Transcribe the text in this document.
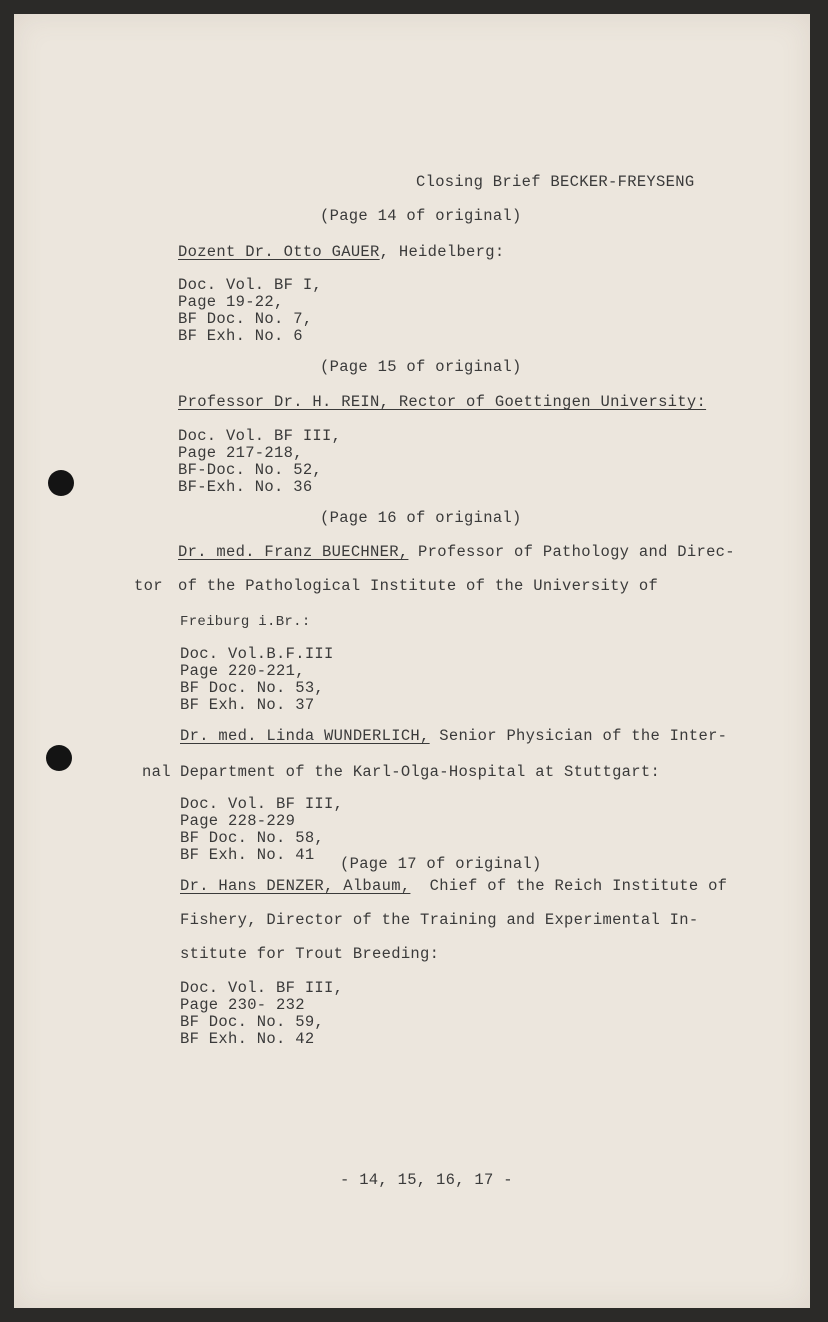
Closing Brief BECKER-FREYSENG
(Page 14 of original)
Dozent Dr. Otto GAUER, Heidelberg:
Doc. Vol. BF I,
Page 19-22,
BF Doc. No. 7,
BF Exh. No. 6
(Page 15 of original)
Professor Dr. H. REIN, Rector of Goettingen University:
Doc. Vol. BF III,
Page 217-218,
BF-Doc. No. 52,
BF-Exh. No. 36
(Page 16 of original)
Dr. med. Franz BUECHNER, Professor of Pathology and Direc-
tor of the Pathological Institute of the University of
Freiburg i.Br.:
Doc. Vol.B.F.III
Page 220-221,
BF Doc. No. 53,
BF Exh. No. 37
Dr. med. Linda WUNDERLICH, Senior Physician of the Inter-
nal Department of the Karl-Olga-Hospital at Stuttgart:
Doc. Vol. BF III,
Page 228-229
BF Doc. No. 58,
BF Exh. No. 41	(Page 17 of original)
Dr. Hans DENZER, Albaum,  Chief of the Reich Institute of
Fishery, Director of the Training and Experimental In-
stitute for Trout Breeding:
Doc. Vol. BF III,
Page 230- 232
BF Doc. No. 59,
BF Exh. No. 42
- 14, 15, 16, 17 -
